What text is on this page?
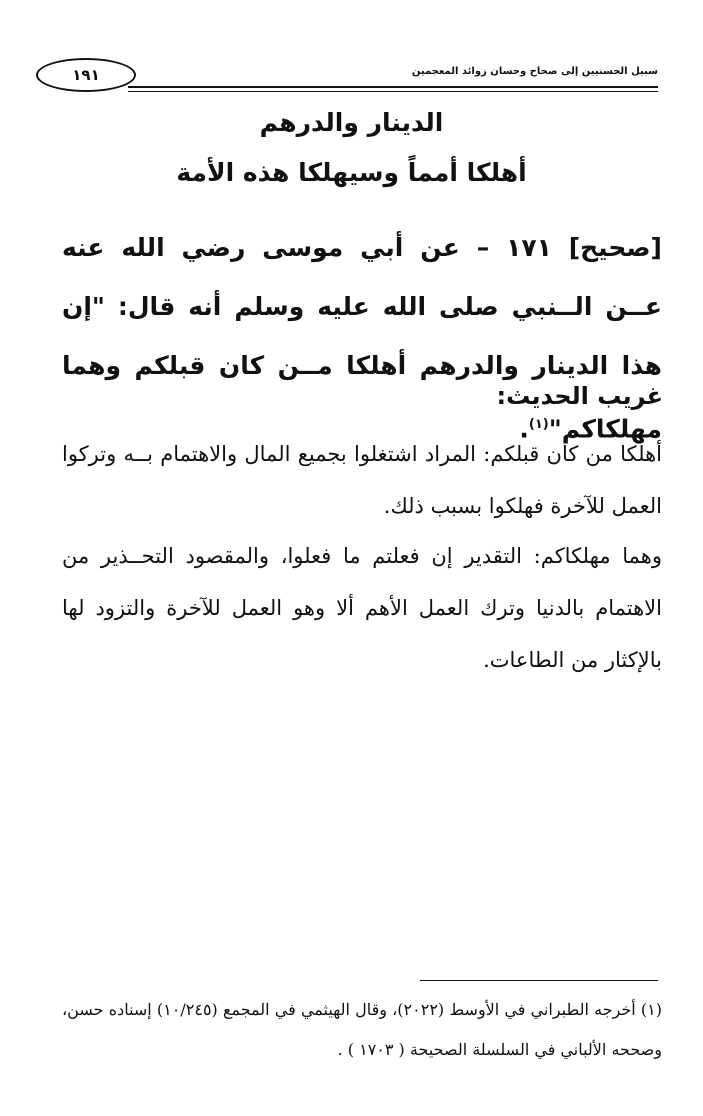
١٩١	سبيل الحسنيين إلى صحاح وحسان زوائد المعجمين
الدينار والدرهم
أهلكا أمماً وسيهلكا هذه الأمة
[صحيح] ١٧١ – عن أبي موسى رضي الله عنه عــن الــنبي صلى الله عليه وسلم أنه قال: "إن هذا الدينار والدرهم أهلكا مــن كان قبلكم وهما مهلكاكم"$^{(١)}$.
غريب الحديث:
أهلكا من كان قبلكم: المراد اشتغلوا بجميع المال والاهتمام بــه وتركوا العمل للآخرة فهلكوا بسبب ذلك.
وهما مهلكاكم: التقدير إن فعلتم ما فعلوا، والمقصود التحــذير من الاهتمام بالدنيا وترك العمل الأهم ألا وهو العمل للآخرة والتزود لها بالإكثار من الطاعات.
(١) أخرجه الطبراني في الأوسط (٢٠٢٢)، وقال الهيثمي في المجمع (١٠/٢٤٥) إسناده حسن، وصححه الألباني في السلسلة الصحيحة ( ١٧٠٣ ) .
